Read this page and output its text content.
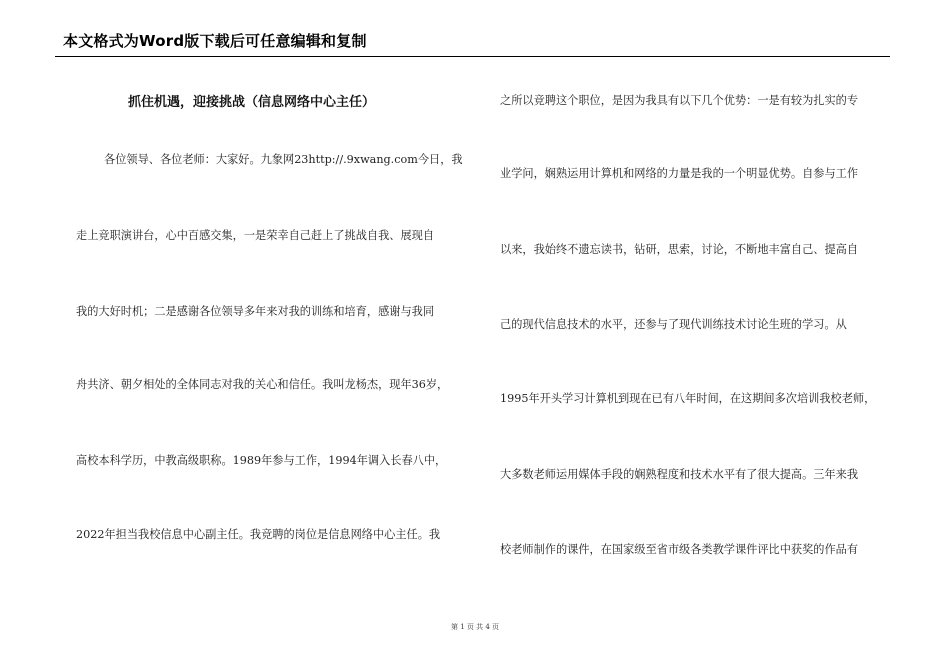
本文格式为Word版下载后可任意编辑和复制
抓住机遇，迎接挑战（信息网络中心主任）
各位领导、各位老师：大家好。九象网23http://.9xwang.com今日，我
走上竞职演讲台，心中百感交集，一是荣幸自己赶上了挑战自我、展现自
我的大好时机；二是感谢各位领导多年来对我的训练和培育，感谢与我同
舟共济、朝夕相处的全体同志对我的关心和信任。我叫龙杨杰，现年36岁，
高校本科学历，中教高级职称。1989年参与工作，1994年调入长春八中，
2022年担当我校信息中心副主任。我竞聘的岗位是信息网络中心主任。我
之所以竞聘这个职位，是因为我具有以下几个优势：一是有较为扎实的专
业学问，娴熟运用计算机和网络的力量是我的一个明显优势。自参与工作
以来，我始终不遗忘读书，钻研，思索，讨论，不断地丰富自己、提高自
己的现代信息技术的水平，还参与了现代训练技术讨论生班的学习。从
1995年开头学习计算机到现在已有八年时间，在这期间多次培训我校老师，
大多数老师运用媒体手段的娴熟程度和技术水平有了很大提高。三年来我
校老师制作的课件，在国家级至省市级各类教学课件评比中获奖的作品有
第 1 页 共 4 页
